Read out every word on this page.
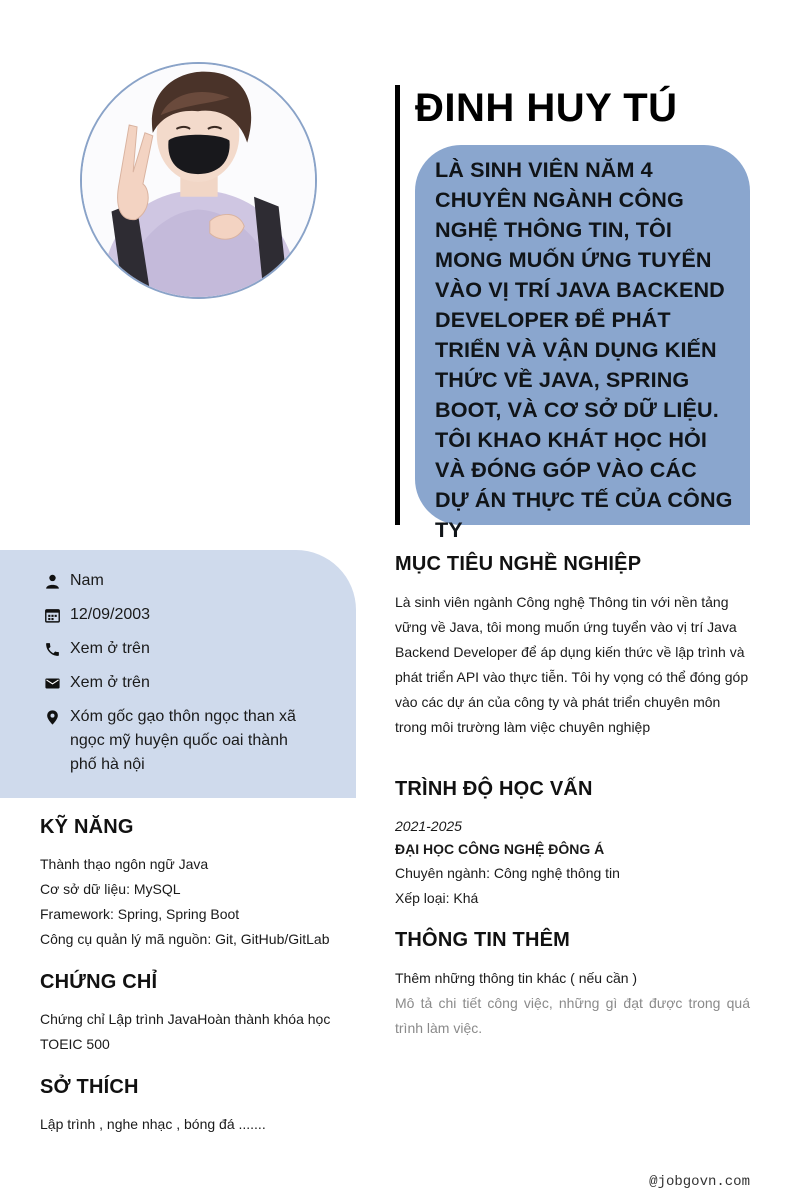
ĐINH HUY TÚ
LÀ SINH VIÊN NĂM 4 CHUYÊN NGÀNH CÔNG NGHỆ THÔNG TIN, TÔI MONG MUỐN ỨNG TUYỂN VÀO VỊ TRÍ JAVA BACKEND DEVELOPER ĐỂ PHÁT TRIỂN VÀ VẬN DỤNG KIẾN THỨC VỀ JAVA, SPRING BOOT, VÀ CƠ SỞ DỮ LIỆU. TÔI KHAO KHÁT HỌC HỎI VÀ ĐÓNG GÓP VÀO CÁC DỰ ÁN THỰC TẾ CỦA CÔNG TY
Nam
12/09/2003
Xem ở trên
Xem ở trên
Xóm gốc gạo thôn ngọc than xã ngọc mỹ huyện quốc oai thành phố hà nội
KỸ NĂNG
Thành thạo ngôn ngữ Java
Cơ sở dữ liệu: MySQL
Framework: Spring, Spring Boot
Công cụ quản lý mã nguồn: Git, GitHub/GitLab
CHỨNG CHỈ
Chứng chỉ Lập trình JavaHoàn thành khóa học
TOEIC 500
SỞ THÍCH
Lập trình , nghe nhạc , bóng đá .......
MỤC TIÊU NGHỀ NGHIỆP
Là sinh viên ngành Công nghệ Thông tin với nền tảng vững về Java, tôi mong muốn ứng tuyển vào vị trí Java Backend Developer để áp dụng kiến thức về lập trình và phát triển API vào thực tiễn. Tôi hy vọng có thể đóng góp vào các dự án của công ty và phát triển chuyên môn trong môi trường làm việc chuyên nghiệp
TRÌNH ĐỘ HỌC VẤN
2021-2025
ĐẠI HỌC CÔNG NGHỆ ĐÔNG Á
Chuyên ngành: Công nghệ thông tin
Xếp loại: Khá
THÔNG TIN THÊM
Thêm những thông tin khác ( nếu cần )
Mô tả chi tiết công việc, những gì đạt được trong quá trình làm việc.
@jobgovn.com
